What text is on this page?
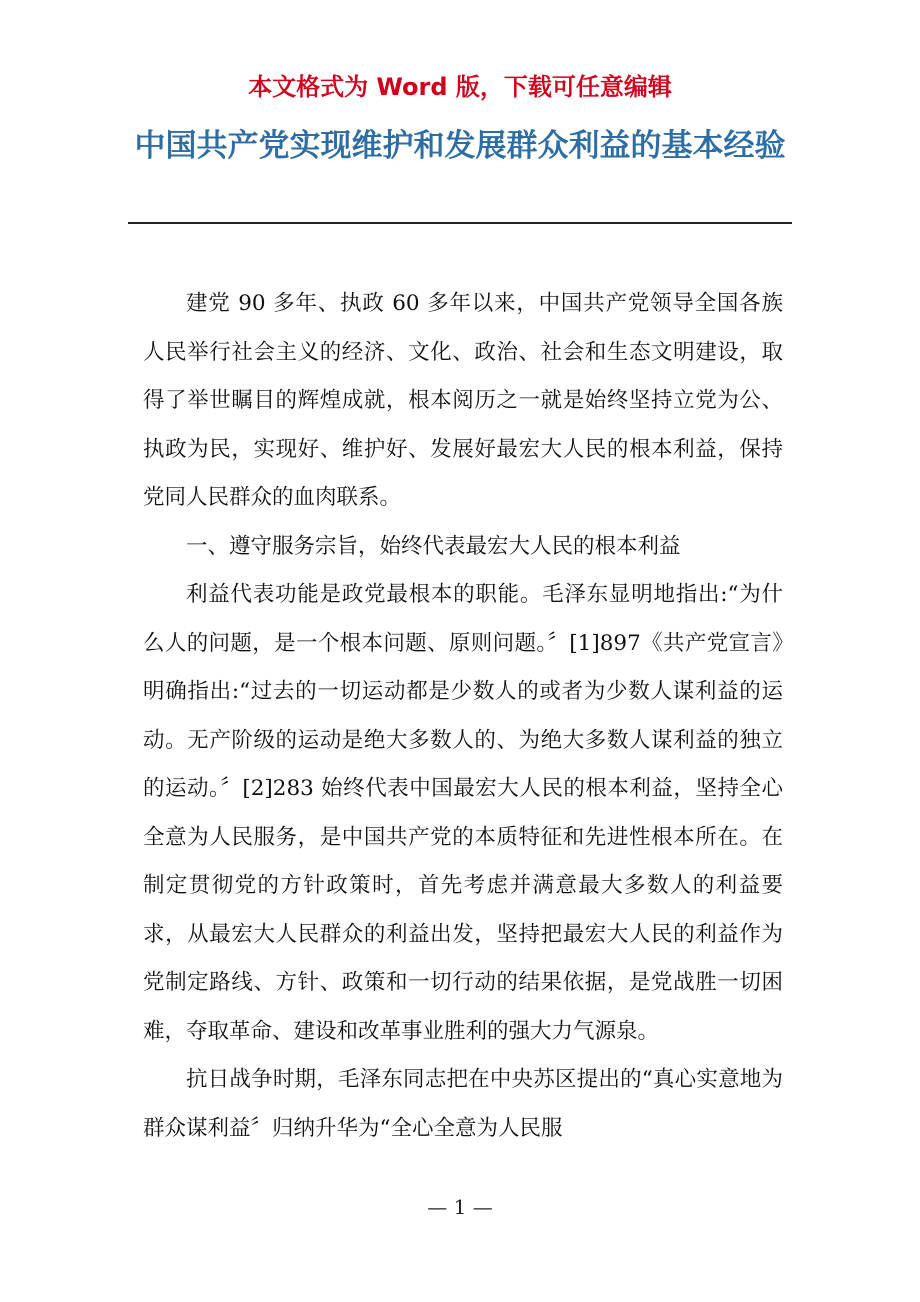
本文格式为 Word 版，下载可任意编辑
中国共产党实现维护和发展群众利益的基本经验

建党 90 多年、执政 60 多年以来，中国共产党领导全国各族人民举行社会主义的经济、文化、政治、社会和生态文明建设，取得了举世瞩目的辉煌成就，根本阅历之一就是始终坚持立党为公、执政为民，实现好、维护好、发展好最宏大人民的根本利益，保持党同人民群众的血肉联系。

一、遵守服务宗旨，始终代表最宏大人民的根本利益

利益代表功能是政党最根本的职能。毛泽东显明地指出:“为什么人的问题，是一个根本问题、原则问题。〞[1]897《共产党宣言》明确指出:“过去的一切运动都是少数人的或者为少数人谋利益的运动。无产阶级的运动是绝大多数人的、为绝大多数人谋利益的独立的运动。〞[2]283 始终代表中国最宏大人民的根本利益，坚持全心全意为人民服务，是中国共产党的本质特征和先进性根本所在。在制定贯彻党的方针政策时，首先考虑并满意最大多数人的利益要求，从最宏大人民群众的利益出发，坚持把最宏大人民的利益作为党制定路线、方针、政策和一切行动的结果依据，是党战胜一切困难，夺取革命、建设和改革事业胜利的强大力气源泉。

抗日战争时期，毛泽东同志把在中央苏区提出的“真心实意地为群众谋利益〞归纳升华为“全心全意为人民服

— 1 —
